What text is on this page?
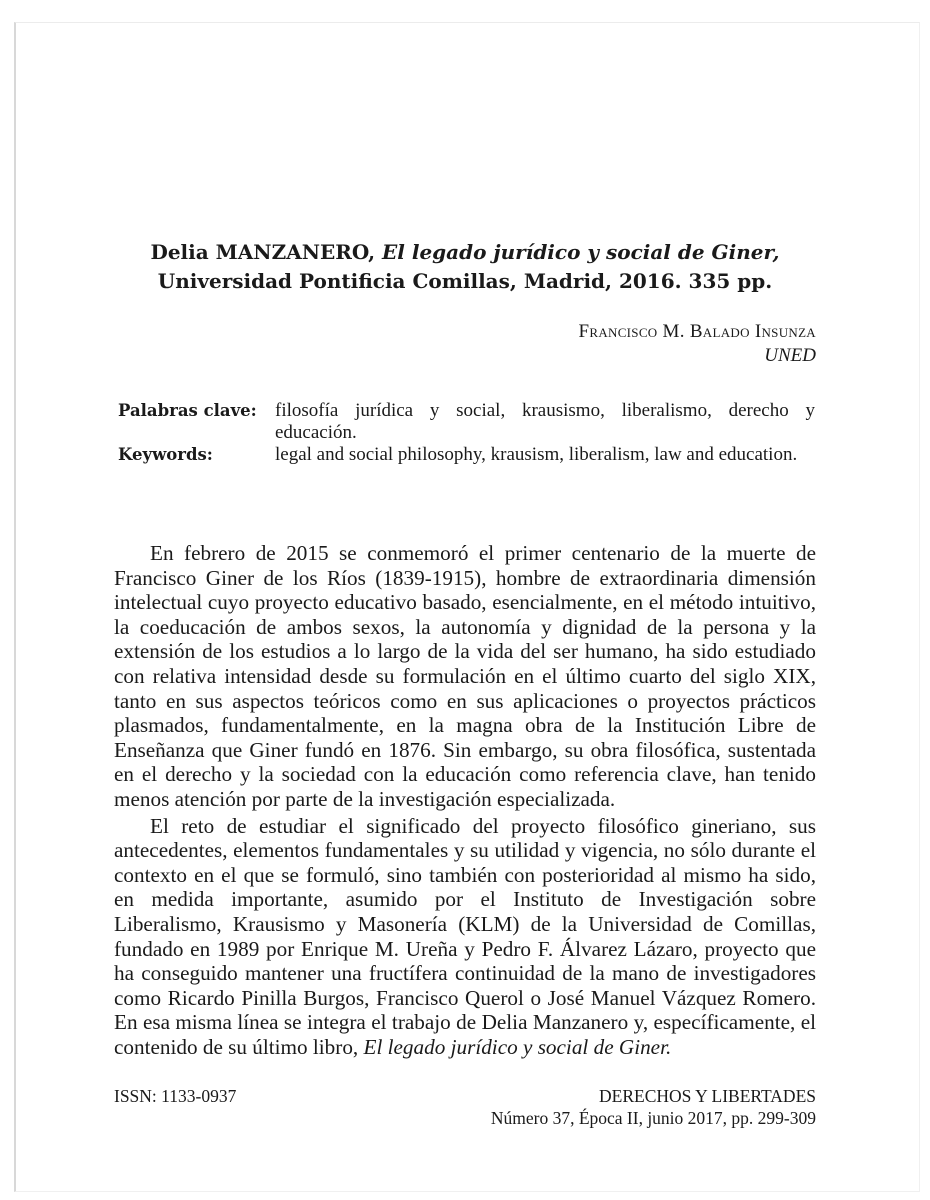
Delia MANZANERO, El legado jurídico y social de Giner,
Universidad Pontificia Comillas, Madrid, 2016. 335 pp.
Francisco M. Balado Insunza
UNED
Palabras clave: filosofía jurídica y social, krausismo, liberalismo, derecho y educación.
Keywords:	legal and social philosophy, krausism, liberalism, law and education.

En febrero de 2015 se conmemoró el primer centenario de la muerte de Francisco Giner de los Ríos (1839-1915), hombre de extraordinaria dimensión intelectual cuyo proyecto educativo basado, esencialmente, en el método intuitivo, la coeducación de ambos sexos, la autonomía y dignidad de la persona y la extensión de los estudios a lo largo de la vida del ser humano, ha sido estudiado con relativa intensidad desde su formulación en el último cuarto del siglo XIX, tanto en sus aspectos teóricos como en sus aplicaciones o proyectos prácticos plasmados, fundamentalmente, en la magna obra de la Institución Libre de Enseñanza que Giner fundó en 1876. Sin embargo, su obra filosófica, sustentada en el derecho y la sociedad con la educación como referencia clave, han tenido menos atención por parte de la investigación especializada.

El reto de estudiar el significado del proyecto filosófico gineriano, sus antecedentes, elementos fundamentales y su utilidad y vigencia, no sólo durante el contexto en el que se formuló, sino también con posterioridad al mismo ha sido, en medida importante, asumido por el Instituto de Investigación sobre Liberalismo, Krausismo y Masonería (KLM) de la Universidad de Comillas, fundado en 1989 por Enrique M. Ureña y Pedro F. Álvarez Lázaro, proyecto que ha conseguido mantener una fructífera continuidad de la mano de investigadores como Ricardo Pinilla Burgos, Francisco Querol o José Manuel Vázquez Romero. En esa misma línea se integra el trabajo de Delia Manzanero y, específicamente, el contenido de su último libro, El legado jurídico y social de Giner.

ISSN: 1133-0937	DERECHOS Y LIBERTADES
Número 37, Época II, junio 2017, pp. 299-309
